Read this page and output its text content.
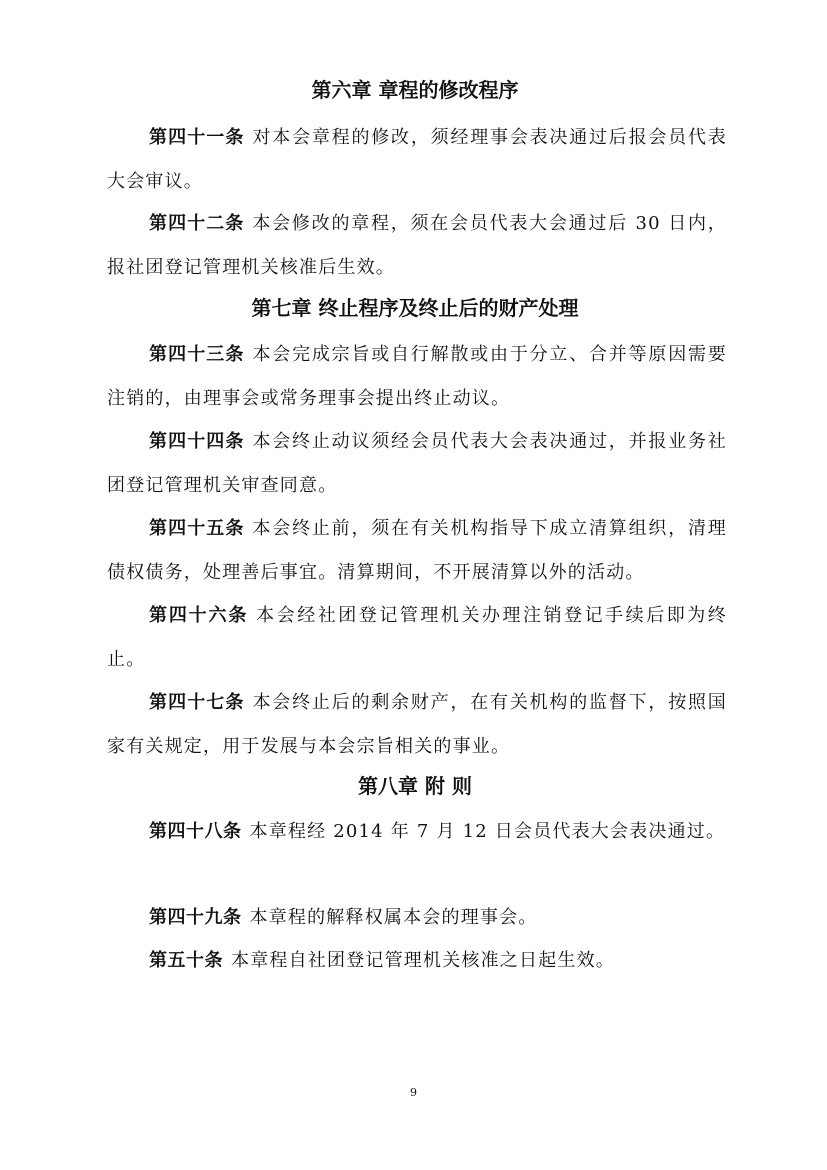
第六章 章程的修改程序

第四十一条 对本会章程的修改，须经理事会表决通过后报会员代表大会审议。

第四十二条 本会修改的章程，须在会员代表大会通过后 30 日内，报社团登记管理机关核准后生效。

第七章 终止程序及终止后的财产处理

第四十三条 本会完成宗旨或自行解散或由于分立、合并等原因需要注销的，由理事会或常务理事会提出终止动议。

第四十四条 本会终止动议须经会员代表大会表决通过，并报业务社团登记管理机关审查同意。

第四十五条 本会终止前，须在有关机构指导下成立清算组织，清理债权债务，处理善后事宜。清算期间，不开展清算以外的活动。

第四十六条 本会经社团登记管理机关办理注销登记手续后即为终止。

第四十七条 本会终止后的剩余财产，在有关机构的监督下，按照国家有关规定，用于发展与本会宗旨相关的事业。

第八章 附 则

第四十八条 本章程经 2014 年 7 月 12 日会员代表大会表决通过。

第四十九条 本章程的解释权属本会的理事会。

第五十条 本章程自社团登记管理机关核准之日起生效。

9
